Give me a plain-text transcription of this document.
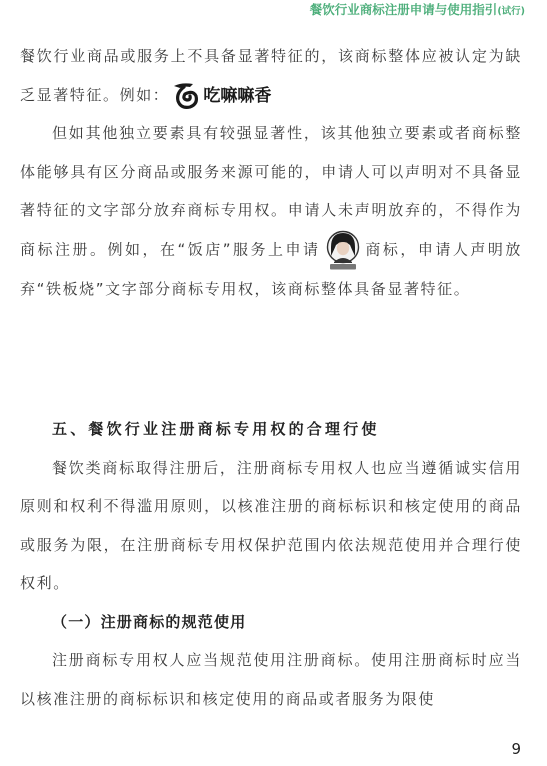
餐饮行业商标注册申请与使用指引(试行)

餐饮行业商品或服务上不具备显著特征的，该商标整体应被认定为缺乏显著特征。例如： 吃嘛嘛香

但如其他独立要素具有较强显著性，该其他独立要素或者商标整体能够具有区分商品或服务来源可能的，申请人可以声明对不具备显著特征的文字部分放弃商标专用权。申请人未声明放弃的，不得作为商标注册。例如，在“饭店”服务上申请	商标，申请人声明放弃“铁板烧”文字部分商标专用权，该商标整体具备显著特征。

五、餐饮行业注册商标专用权的合理行使

餐饮类商标取得注册后，注册商标专用权人也应当遵循诚实信用原则和权利不得滥用原则，以核准注册的商标标识和核定使用的商品或服务为限，在注册商标专用权保护范围内依法规范使用并合理行使权利。

（一）注册商标的规范使用

注册商标专用权人应当规范使用注册商标。使用注册商标时应当以核准注册的商标标识和核定使用的商品或者服务为限使

9
